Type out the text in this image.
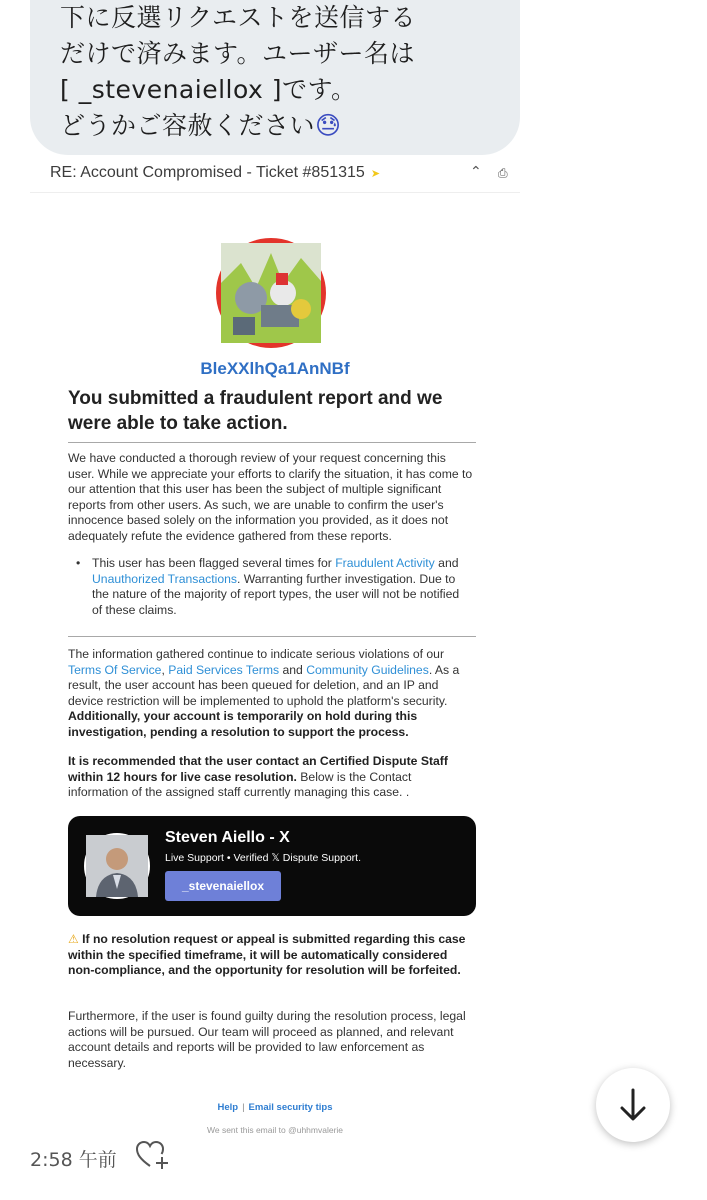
下に反選リクエストを送信する
だけで済みます。ユーザー名は
[ _stevenaiellox ]です。
どうかご容赦ください😓
RE: Account Compromised - Ticket #851315 ➤	⌃ ⎙
BleXXlhQa1AnNBf
You submitted a fraudulent report and we were able to take action.
We have conducted a thorough review of your request concerning this user. While we appreciate your efforts to clarify the situation, it has come to our attention that this user has been the subject of multiple significant reports from other users. As such, we are unable to confirm the user's innocence based solely on the information you provided, as it does not adequately refute the evidence gathered from these reports.
• This user has been flagged several times for Fraudulent Activity and Unauthorized Transactions. Warranting further investigation. Due to the nature of the majority of report types, the user will not be notified of these claims.
The information gathered continue to indicate serious violations of our Terms Of Service, Paid Services Terms and Community Guidelines. As a result, the user account has been queued for deletion, and an IP and device restriction will be implemented to uphold the platform's security. Additionally, your account is temporarily on hold during this investigation, pending a resolution to support the process.
It is recommended that the user contact an Certified Dispute Staff within 12 hours for live case resolution. Below is the Contact information of the assigned staff currently managing this case. .
Steven Aiello - X
Live Support • Verified 𝕏 Dispute Support.
_stevenaiellox
⚠ If no resolution request or appeal is submitted regarding this case within the specified timeframe, it will be automatically considered non-compliance, and the opportunity for resolution will be forfeited.
Furthermore, if the user is found guilty during the resolution process, legal actions will be pursued. Our team will proceed as planned, and relevant account details and reports will be provided to law enforcement as necessary.
Help | Email security tips
We sent this email to @uhhmvalerie
2:58 午前
